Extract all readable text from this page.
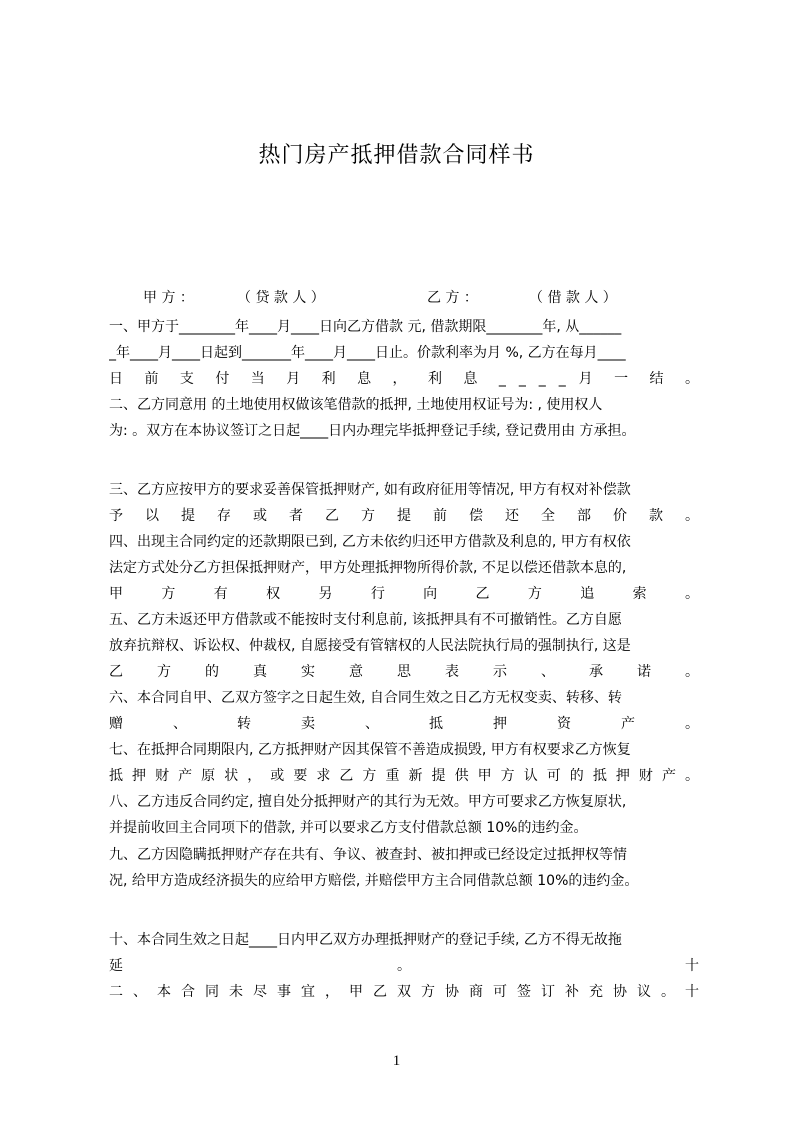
热门房产抵押借款合同样书
甲 方 ：	（ 贷 款 人 ）	乙 方 ：	（ 借 款 人 ）
一、甲方于________年____月____日向乙方借款 元, 借款期限________年, 从______
_年____月____日起到_______年____月____日止。价款利率为月 %, 乙方在每月____
日 前 支 付 当 月 利 息 ， 利 息 _ _ _ _ 月 一 结 。
二、乙方同意用 的土地使用权做该笔借款的抵押, 土地使用权证号为: , 使用权人
为: 。双方在本协议签订之日起____日内办理完毕抵押登记手续, 登记费用由 方承担。
三、乙方应按甲方的要求妥善保管抵押财产, 如有政府征用等情况, 甲方有权对补偿款
予 以 提 存 或 者 乙 方 提 前 偿 还 全 部 价 款 。
四、出现主合同约定的还款期限已到, 乙方未依约归还甲方借款及利息的, 甲方有权依
法定方式处分乙方担保抵押财产，甲方处理抵押物所得价款, 不足以偿还借款本息的,
甲 方 有 权 另 行 向 乙 方 追 索 。
五、乙方未返还甲方借款或不能按时支付利息前, 该抵押具有不可撤销性。乙方自愿
放弃抗辩权、诉讼权、仲裁权, 自愿接受有管辖权的人民法院执行局的强制执行, 这是
乙 方 的 真 实 意 思 表 示 、 承 诺 。
六、本合同自甲、乙双方签字之日起生效, 自合同生效之日乙方无权变卖、转移、转
赠 、 转 卖 、 抵 押 资 产 。
七、在抵押合同期限内, 乙方抵押财产因其保管不善造成损毁, 甲方有权要求乙方恢复
抵 押 财 产 原 状 ， 或 要 求 乙 方 重 新 提 供 甲 方 认 可 的 抵 押 财 产 。
八、乙方违反合同约定, 擅自处分抵押财产的其行为无效。甲方可要求乙方恢复原状,
并提前收回主合同项下的借款, 并可以要求乙方支付借款总额 10%的违约金。
九、乙方因隐瞒抵押财产存在共有、争议、被查封、被扣押或已经设定过抵押权等情
况, 给甲方造成经济损失的应给甲方赔偿, 并赔偿甲方主合同借款总额 10%的违约金。
十、本合同生效之日起____日内甲乙双方办理抵押财产的登记手续, 乙方不得无故拖
延 。 十
二 、 本 合 同 未 尽 事 宜 ， 甲 乙 双 方 协 商 可 签 订 补 充 协 议 。 十
1
